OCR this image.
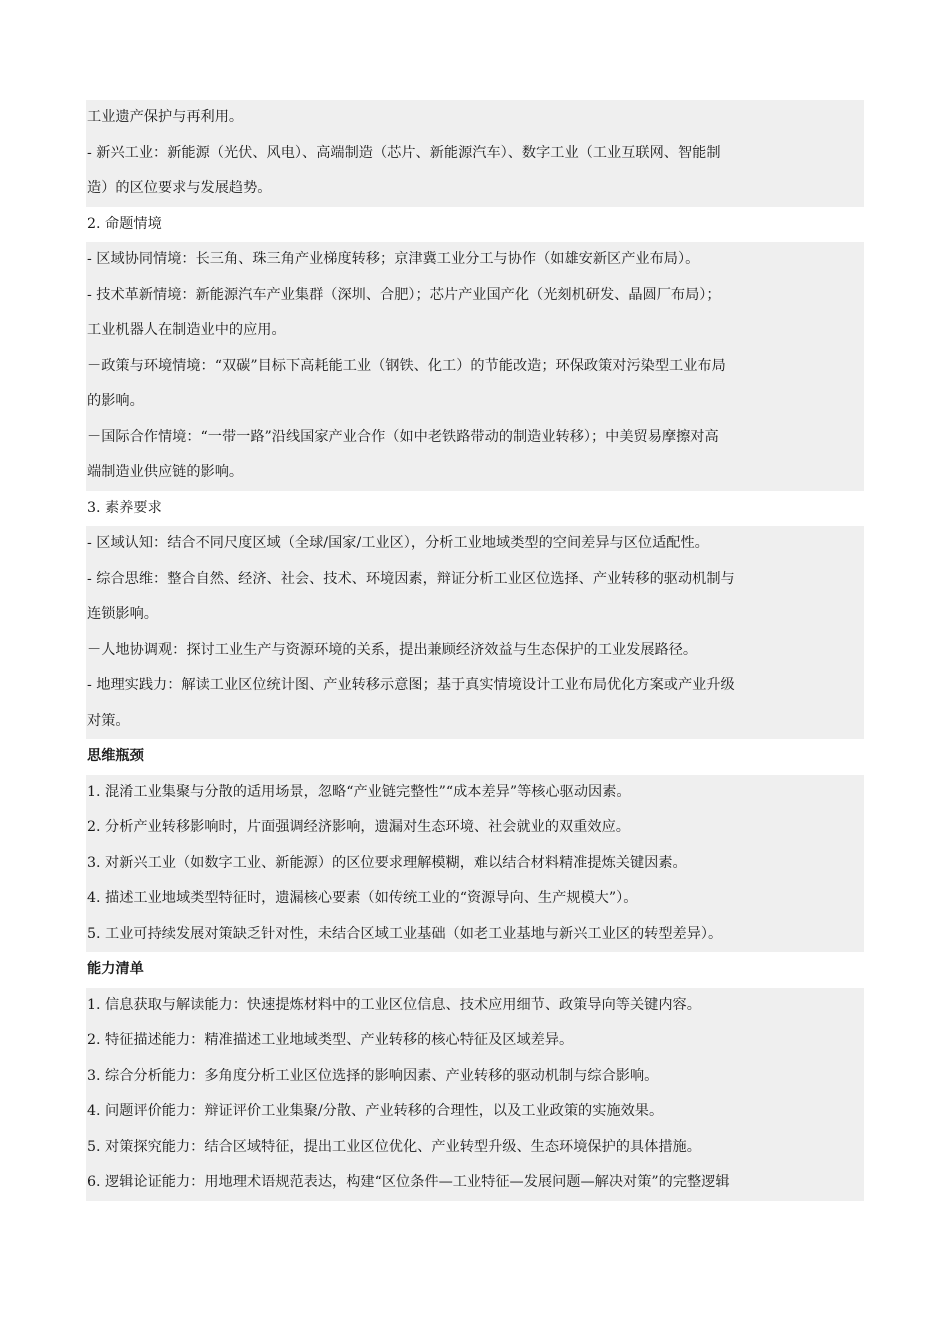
工业遗产保护与再利用。
- 新兴工业：新能源（光伏、风电）、高端制造（芯片、新能源汽车）、数字工业（工业互联网、智能制
造）的区位要求与发展趋势。
2. 命题情境
- 区域协同情境：长三角、珠三角产业梯度转移；京津冀工业分工与协作（如雄安新区产业布局）。
- 技术革新情境：新能源汽车产业集群（深圳、合肥）；芯片产业国产化（光刻机研发、晶圆厂布局）；
工业机器人在制造业中的应用。
－政策与环境情境：“双碳”目标下高耗能工业（钢铁、化工）的节能改造；环保政策对污染型工业布局
的影响。
－国际合作情境：“一带一路”沿线国家产业合作（如中老铁路带动的制造业转移）；中美贸易摩擦对高
端制造业供应链的影响。
3. 素养要求
- 区域认知：结合不同尺度区域（全球/国家/工业区），分析工业地域类型的空间差异与区位适配性。
- 综合思维：整合自然、经济、社会、技术、环境因素，辩证分析工业区位选择、产业转移的驱动机制与
连锁影响。
－人地协调观：探讨工业生产与资源环境的关系，提出兼顾经济效益与生态保护的工业发展路径。
- 地理实践力：解读工业区位统计图、产业转移示意图；基于真实情境设计工业布局优化方案或产业升级
对策。
思维瓶颈
1. 混淆工业集聚与分散的适用场景，忽略“产业链完整性”“成本差异”等核心驱动因素。
2. 分析产业转移影响时，片面强调经济影响，遗漏对生态环境、社会就业的双重效应。
3. 对新兴工业（如数字工业、新能源）的区位要求理解模糊，难以结合材料精准提炼关键因素。
4. 描述工业地域类型特征时，遗漏核心要素（如传统工业的“资源导向、生产规模大”）。
5. 工业可持续发展对策缺乏针对性，未结合区域工业基础（如老工业基地与新兴工业区的转型差异）。
能力清单
1. 信息获取与解读能力：快速提炼材料中的工业区位信息、技术应用细节、政策导向等关键内容。
2. 特征描述能力：精准描述工业地域类型、产业转移的核心特征及区域差异。
3. 综合分析能力：多角度分析工业区位选择的影响因素、产业转移的驱动机制与综合影响。
4. 问题评价能力：辩证评价工业集聚/分散、产业转移的合理性，以及工业政策的实施效果。
5. 对策探究能力：结合区域特征，提出工业区位优化、产业转型升级、生态环境保护的具体措施。
6. 逻辑论证能力：用地理术语规范表达，构建“区位条件—工业特征—发展问题—解决对策”的完整逻辑
